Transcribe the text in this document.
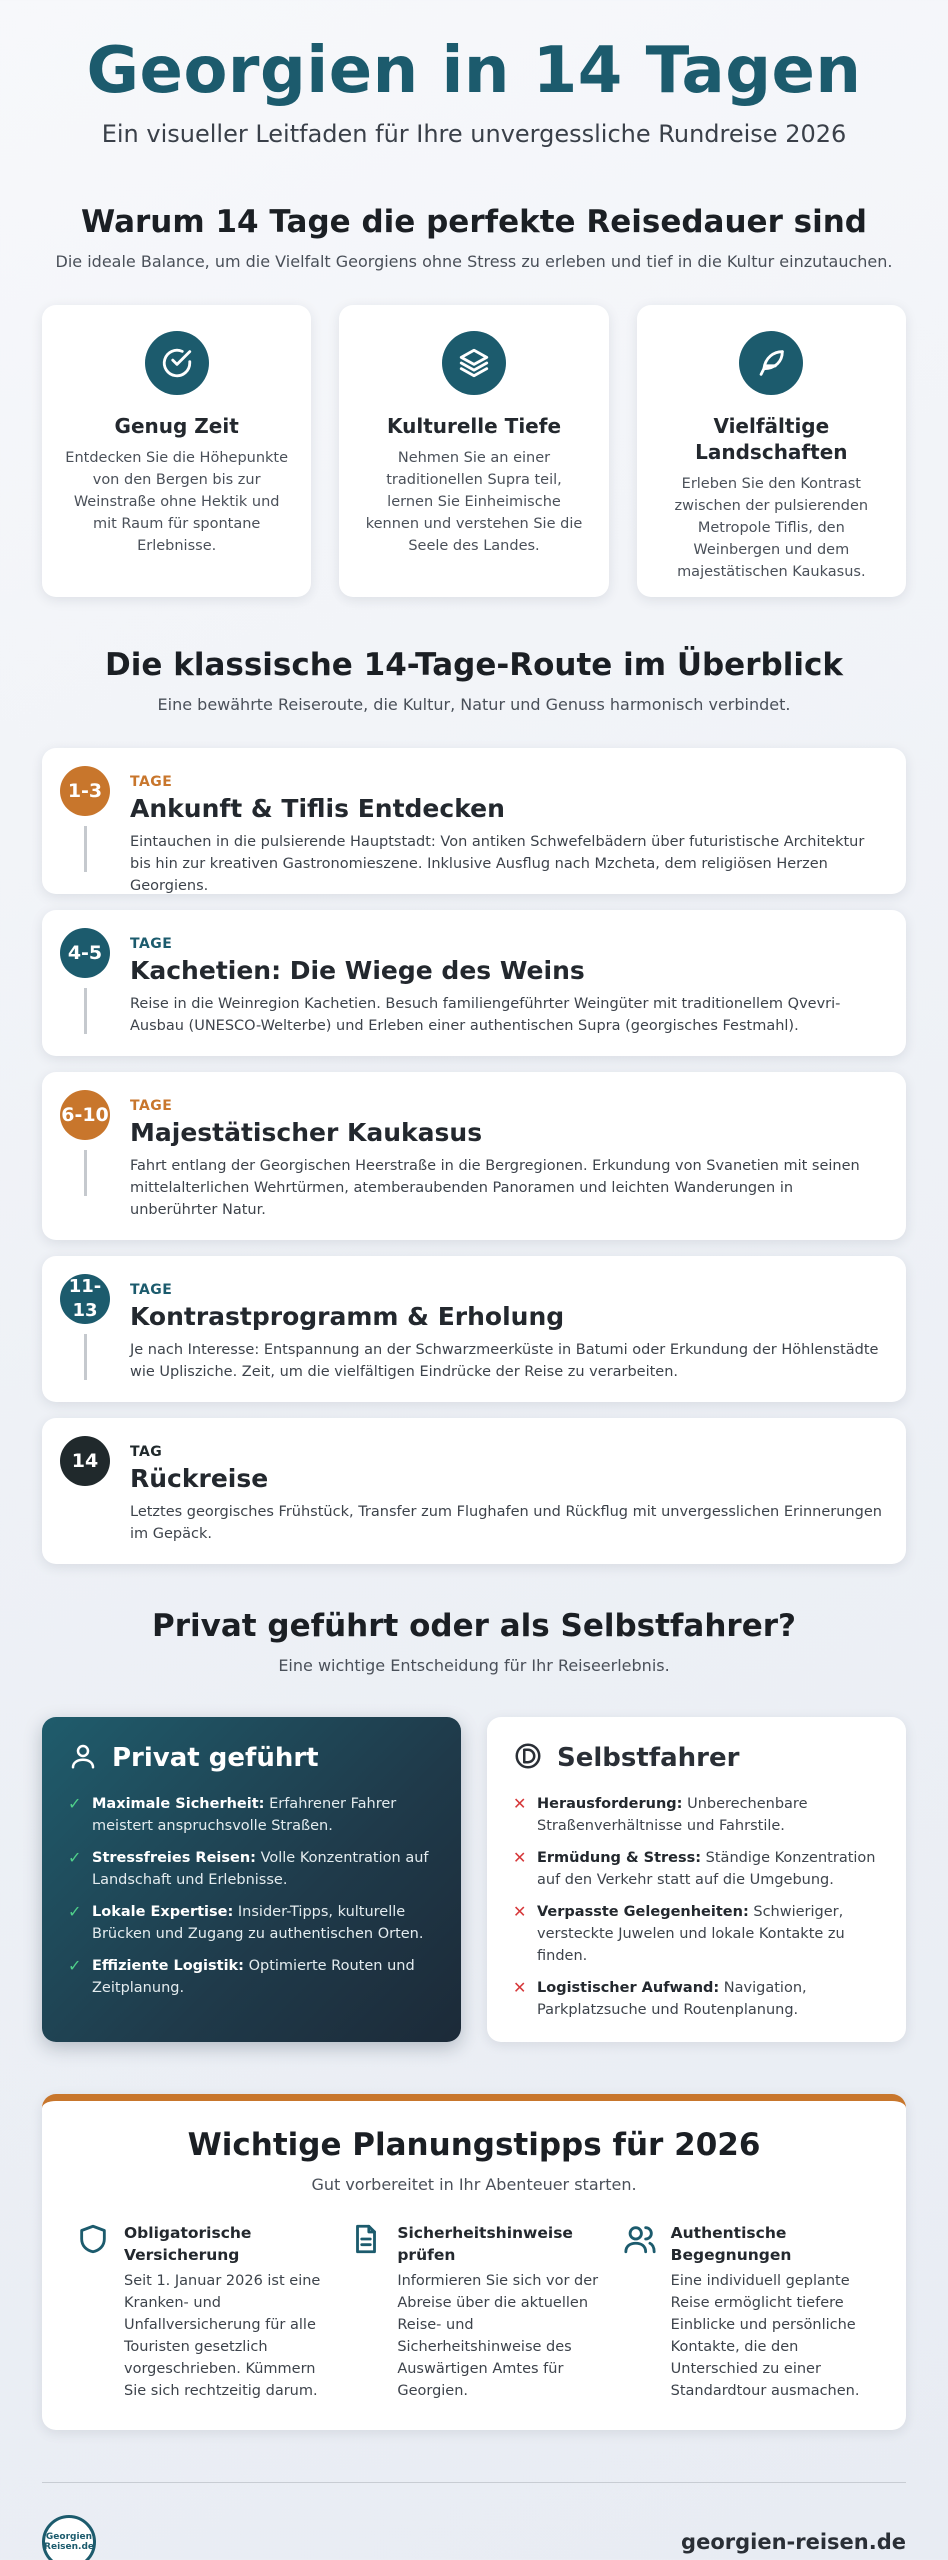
Georgien in 14 Tagen

Ein visueller Leitfaden für Ihre unvergessliche Rundreise 2026

Warum 14 Tage die perfekte Reisedauer sind

Die ideale Balance, um die Vielfalt Georgiens ohne Stress zu erleben und tief in die Kultur einzutauchen.

Genug Zeit

Entdecken Sie die Höhepunkte von den Bergen bis zur Weinstraße ohne Hektik und mit Raum für spontane Erlebnisse.

Kulturelle Tiefe

Nehmen Sie an einer traditionellen Supra teil, lernen Sie Einheimische kennen und verstehen Sie die Seele des Landes.

Vielfältige Landschaften

Erleben Sie den Kontrast zwischen der pulsierenden Metropole Tiflis, den Weinbergen und dem majestätischen Kaukasus.

Die klassische 14-Tage-Route im Überblick

Eine bewährte Reiseroute, die Kultur, Natur und Genuss harmonisch verbindet.

1-3	TAGE
Ankunft & Tiflis Entdecken

Eintauchen in die pulsierende Hauptstadt: Von antiken Schwefelbädern über futuristische Architektur bis hin zur kreativen Gastronomieszene. Inklusive Ausflug nach Mzcheta, dem religiösen Herzen Georgiens.

4-5	TAGE
Kachetien: Die Wiege des Weins

Reise in die Weinregion Kachetien. Besuch familiengeführter Weingüter mit traditionellem Qvevri-Ausbau (UNESCO-Welterbe) und Erleben einer authentischen Supra (georgisches Festmahl).

6-10 TAGE
Majestätischer Kaukasus

Fahrt entlang der Georgischen Heerstraße in die Bergregionen. Erkundung von Svanetien mit seinen mittelalterlichen Wehrtürmen, atemberaubenden Panoramen und leichten Wanderungen in unberührter Natur.

11-13
TAGE
Kontrastprogramm & Erholung

Je nach Interesse: Entspannung an der Schwarzmeerküste in Batumi oder Erkundung der Höhlenstädte wie Uplisziche. Zeit, um die vielfältigen Eindrücke der Reise zu verarbeiten.

14	TAG
Rückreise

Letztes georgisches Frühstück, Transfer zum Flughafen und Rückflug mit unvergesslichen Erinnerungen im Gepäck.

Privat geführt oder als Selbstfahrer?

Eine wichtige Entscheidung für Ihr Reiseerlebnis.

Privat geführt
✓ Maximale Sicherheit: Erfahrener Fahrer meistert anspruchsvolle Straßen.
✓ Stressfreies Reisen: Volle Konzentration auf Landschaft und Erlebnisse.
✓ Lokale Expertise: Insider-Tipps, kulturelle Brücken und Zugang zu authentischen Orten.
✓ Effiziente Logistik: Optimierte Routen und Zeitplanung.
Selbstfahrer
✕ Herausforderung: Unberechenbare Straßenverhältnisse und Fahrstile.
✕ Ermüdung & Stress: Ständige Konzentration auf den Verkehr statt auf die Umgebung.
✕ Verpasste Gelegenheiten: Schwieriger, versteckte Juwelen und lokale Kontakte zu finden.
✕ Logistischer Aufwand: Navigation, Parkplatzsuche und Routenplanung.
Wichtige Planungstipps für 2026

Gut vorbereitet in Ihr Abenteuer starten.

Obligatorische Versicherung

Seit 1. Januar 2026 ist eine Kranken- und Unfallversicherung für alle Touristen gesetzlich vorgeschrieben. Kümmern Sie sich rechtzeitig darum.

Sicherheitshinweise prüfen

Informieren Sie sich vor der Abreise über die aktuellen Reise- und Sicherheitshinweise des Auswärtigen Amtes für Georgien.

Authentische Begegnungen

Eine individuell geplante Reise ermöglicht tiefere Einblicke und persönliche Kontakte, die den Unterschied zu einer Standardtour ausmachen.

Georgien Reisen.de	georgien-reisen.de
